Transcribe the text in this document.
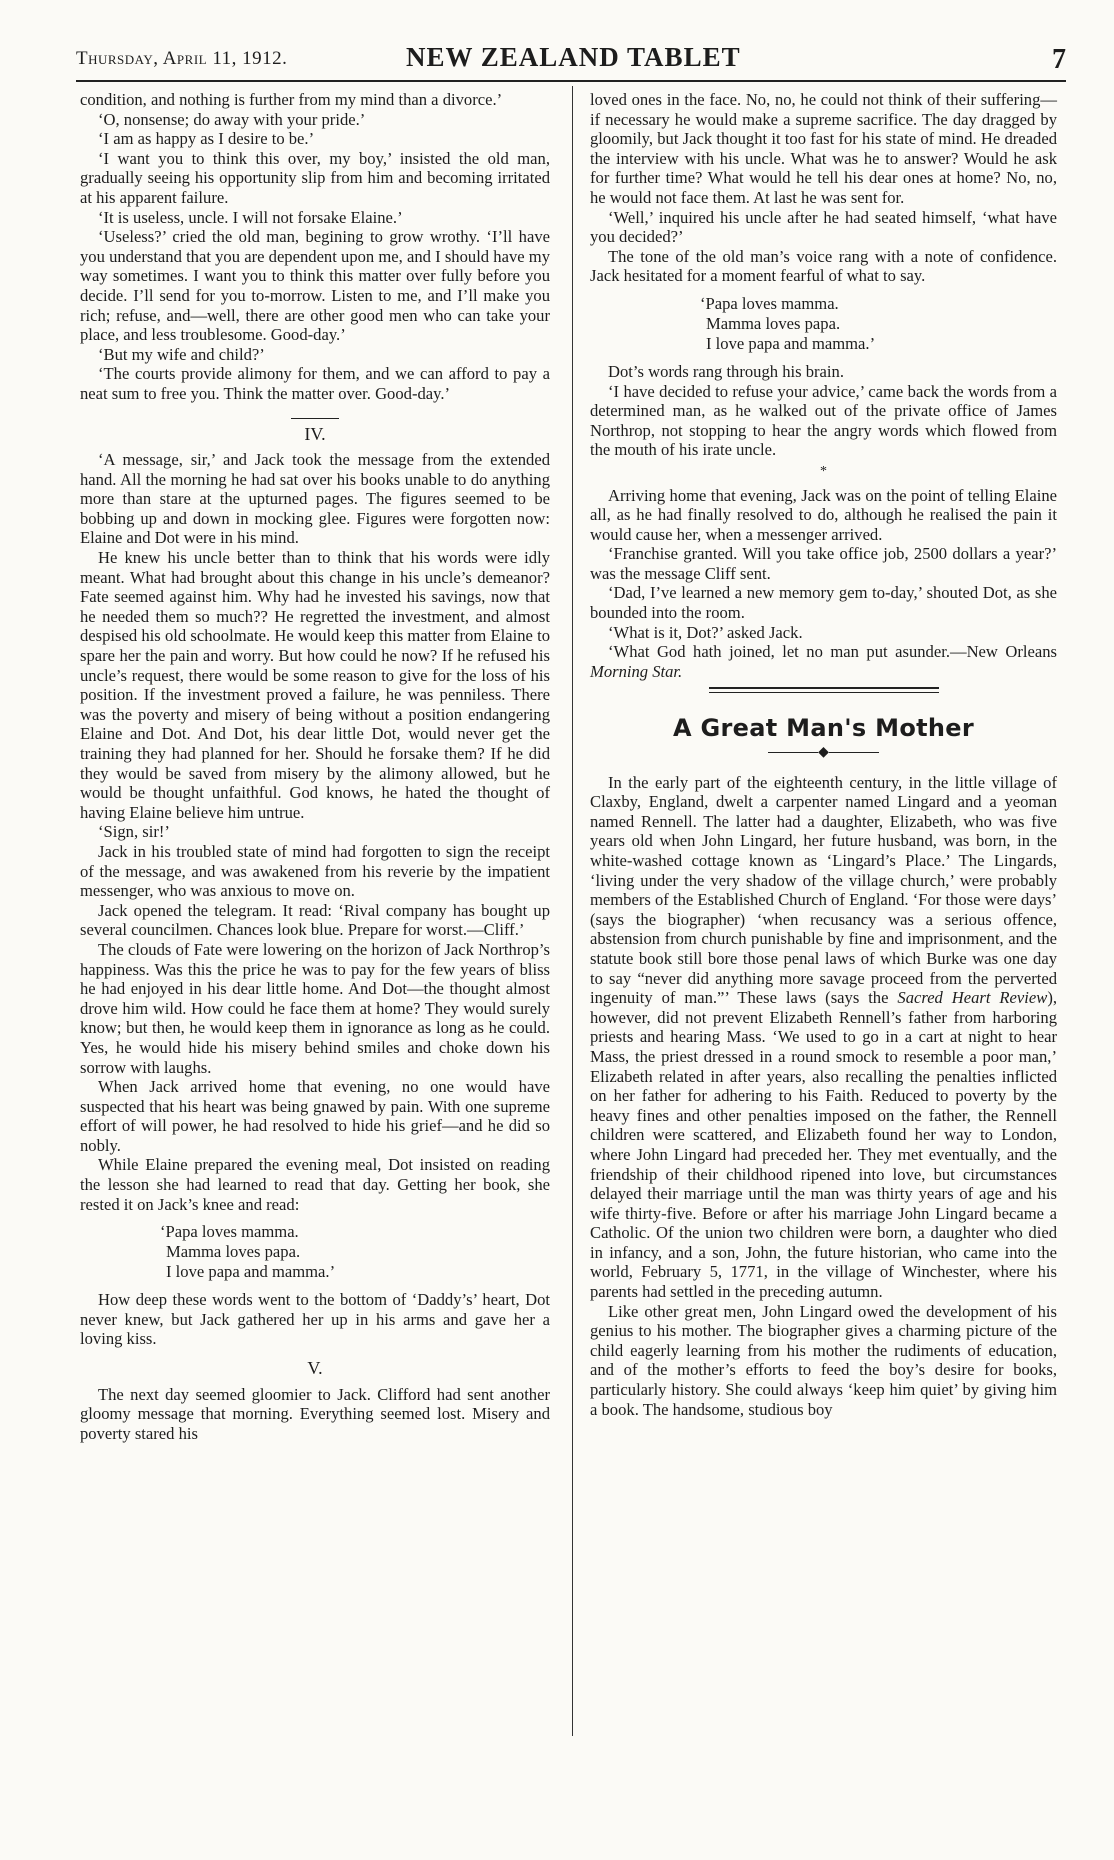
Thursday, April 11, 1912.	NEW ZEALAND TABLET	7

condition, and nothing is further from my mind than a divorce.’

‘O, nonsense; do away with your pride.’

‘I am as happy as I desire to be.’

‘I want you to think this over, my boy,’ insisted the old man, gradually seeing his opportunity slip from him and becoming irritated at his apparent failure.

‘It is useless, uncle. I will not forsake Elaine.’

‘Useless?’ cried the old man, begining to grow wrothy. ‘I’ll have you understand that you are dependent upon me, and I should have my way sometimes. I want you to think this matter over fully before you decide. I’ll send for you to-morrow. Listen to me, and I’ll make you rich; refuse, and—well, there are other good men who can take your place, and less troublesome. Good-day.’

‘But my wife and child?’

‘The courts provide alimony for them, and we can afford to pay a neat sum to free you. Think the matter over. Good-day.’

IV.

‘A message, sir,’ and Jack took the message from the extended hand. All the morning he had sat over his books unable to do anything more than stare at the upturned pages. The figures seemed to be bobbing up and down in mocking glee. Figures were forgotten now: Elaine and Dot were in his mind.

He knew his uncle better than to think that his words were idly meant. What had brought about this change in his uncle’s demeanor? Fate seemed against him. Why had he invested his savings, now that he needed them so much?? He regretted the investment, and almost despised his old schoolmate. He would keep this matter from Elaine to spare her the pain and worry. But how could he now? If he refused his uncle’s request, there would be some reason to give for the loss of his position. If the investment proved a failure, he was penniless. There was the poverty and misery of being without a position endangering Elaine and Dot. And Dot, his dear little Dot, would never get the training they had planned for her. Should he forsake them? If he did they would be saved from misery by the alimony allowed, but he would be thought unfaithful. God knows, he hated the thought of having Elaine believe him untrue.

‘Sign, sir!’

Jack in his troubled state of mind had forgotten to sign the receipt of the message, and was awakened from his reverie by the impatient messenger, who was anxious to move on.

Jack opened the telegram. It read: ‘Rival company has bought up several councilmen. Chances look blue. Prepare for worst.—Cliff.’

The clouds of Fate were lowering on the horizon of Jack Northrop’s happiness. Was this the price he was to pay for the few years of bliss he had enjoyed in his dear little home. And Dot—the thought almost drove him wild. How could he face them at home? They would surely know; but then, he would keep them in ignorance as long as he could. Yes, he would hide his misery behind smiles and choke down his sorrow with laughs.

When Jack arrived home that evening, no one would have suspected that his heart was being gnawed by pain. With one supreme effort of will power, he had resolved to hide his grief—and he did so nobly.

While Elaine prepared the evening meal, Dot insisted on reading the lesson she had learned to read that day. Getting her book, she rested it on Jack’s knee and read:

‘Papa loves mamma.
Mamma loves papa.
I love papa and mamma.’

How deep these words went to the bottom of ‘Daddy’s’ heart, Dot never knew, but Jack gathered her up in his arms and gave her a loving kiss.

V.

The next day seemed gloomier to Jack. Clifford had sent another gloomy message that morning. Everything seemed lost. Misery and poverty stared his

loved ones in the face. No, no, he could not think of their suffering—if necessary he would make a supreme sacrifice. The day dragged by gloomily, but Jack thought it too fast for his state of mind. He dreaded the interview with his uncle. What was he to answer? Would he ask for further time? What would he tell his dear ones at home? No, no, he would not face them. At last he was sent for.

‘Well,’ inquired his uncle after he had seated himself, ‘what have you decided?’

The tone of the old man’s voice rang with a note of confidence. Jack hesitated for a moment fearful of what to say.

‘Papa loves mamma.
Mamma loves papa.
I love papa and mamma.’

Dot’s words rang through his brain.

‘I have decided to refuse your advice,’ came back the words from a determined man, as he walked out of the private office of James Northrop, not stopping to hear the angry words which flowed from the mouth of his irate uncle.

*

Arriving home that evening, Jack was on the point of telling Elaine all, as he had finally resolved to do, although he realised the pain it would cause her, when a messenger arrived.

‘Franchise granted. Will you take office job, 2500 dollars a year?’ was the message Cliff sent.

‘Dad, I’ve learned a new memory gem to-day,’ shouted Dot, as she bounded into the room.

‘What is it, Dot?’ asked Jack.

‘What God hath joined, let no man put asunder.—New Orleans Morning Star.

A Great Man's Mother
◆

In the early part of the eighteenth century, in the little village of Claxby, England, dwelt a carpenter named Lingard and a yeoman named Rennell. The latter had a daughter, Elizabeth, who was five years old when John Lingard, her future husband, was born, in the white-washed cottage known as ‘Lingard’s Place.’ The Lingards, ‘living under the very shadow of the village church,’ were probably members of the Established Church of England. ‘For those were days’ (says the biographer) ‘when recusancy was a serious offence, abstension from church punishable by fine and imprisonment, and the statute book still bore those penal laws of which Burke was one day to say “never did anything more savage proceed from the perverted ingenuity of man.”’ These laws (says the Sacred Heart Review), however, did not prevent Elizabeth Rennell’s father from harboring priests and hearing Mass. ‘We used to go in a cart at night to hear Mass, the priest dressed in a round smock to resemble a poor man,’ Elizabeth related in after years, also recalling the penalties inflicted on her father for adhering to his Faith. Reduced to poverty by the heavy fines and other penalties imposed on the father, the Rennell children were scattered, and Elizabeth found her way to London, where John Lingard had preceded her. They met eventually, and the friendship of their childhood ripened into love, but circumstances delayed their marriage until the man was thirty years of age and his wife thirty-five. Before or after his marriage John Lingard became a Catholic. Of the union two children were born, a daughter who died in infancy, and a son, John, the future historian, who came into the world, February 5, 1771, in the village of Winchester, where his parents had settled in the preceding autumn.

Like other great men, John Lingard owed the development of his genius to his mother. The biographer gives a charming picture of the child eagerly learning from his mother the rudiments of education, and of the mother’s efforts to feed the boy’s desire for books, particularly history. She could always ‘keep him quiet’ by giving him a book. The handsome, studious boy
